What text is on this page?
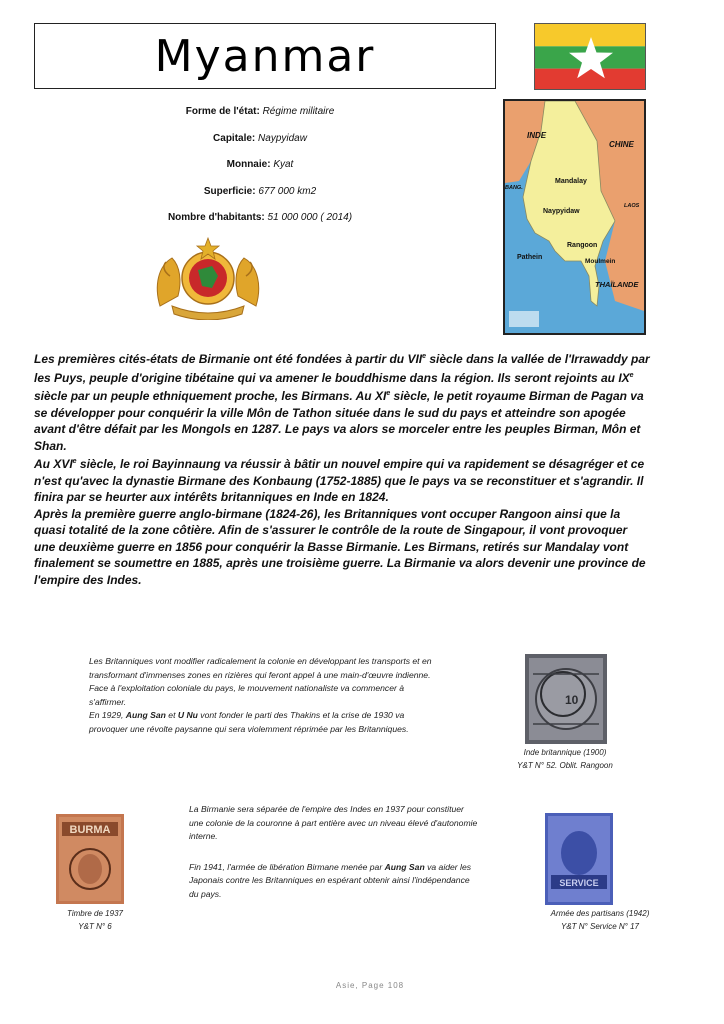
Myanmar
Forme de l'état: Régime militaire
Capitale: Naypyidaw
Monnaie: Kyat
Superficie: 677 000 km2
Nombre d'habitants: 51 000 000 ( 2014)
INDE
CHINE
BANG.
LAOS
Mandalay
Naypyidaw
Rangoon
Pathein
Moulmein
THAÏLANDE

Les premières cités-états de Birmanie ont été fondées à partir du VIIe siècle dans la vallée de l'Irrawaddy par les Puys, peuple d'origine tibétaine qui va amener le bouddhisme dans la région. Ils seront rejoints au IXe siècle par un peuple ethniquement proche, les Birmans. Au XIe siècle, le petit royaume Birman de Pagan va se développer pour conquérir la ville Môn de Tathon située dans le sud du pays et atteindre son apogée avant d'être défait par les Mongols en 1287. Le pays va alors se morceler entre les peuples Birman, Môn et Shan.

Au XVIe siècle, le roi Bayinnaung va réussir à bâtir un nouvel empire qui va rapidement se désagréger et ce n'est qu'avec la dynastie Birmane des Konbaung (1752-1885) que le pays va se reconstituer et s'agrandir. Il finira par se heurter aux intérêts britanniques en Inde en 1824.

Après la première guerre anglo-birmane (1824-26), les Britanniques vont occuper Rangoon ainsi que la quasi totalité de la zone côtière. Afin de s'assurer le contrôle de la route de Singapour, il vont provoquer une deuxième guerre en 1856 pour conquérir la Basse Birmanie. Les Birmans, retirés sur Mandalay vont finalement se soumettre en 1885, après une troisième guerre. La Birmanie va alors devenir une province de l'empire des Indes.

Les Britanniques vont modifier radicalement la colonie en développant les transports et en transformant d'immenses zones en rizières qui feront appel à une main-d'œuvre indienne. Face à l'exploitation coloniale du pays, le mouvement nationaliste va commencer à s'affirmer.

En 1929, Aung San et U Nu vont fonder le parti des Thakins et la crise de 1930 va provoquer une révolte paysanne qui sera violemment réprimée par les Britanniques.

10
Inde britannique (1900)
Y&T N° 52. Oblit. Rangoon

La Birmanie sera séparée de l'empire des Indes en 1937 pour constituer une colonie de la couronne à part entière avec un niveau élevé d'autonomie interne.

Fin 1941, l'armée de libération Birmane menée par Aung San va aider les Japonais contre les Britanniques en espérant obtenir ainsi l'indépendance du pays.

BURMA
Timbre de 1937
Y&T N° 6
SERVICE
Armée des partisans (1942)
Y&T N° Service N° 17
Asie, Page 108
